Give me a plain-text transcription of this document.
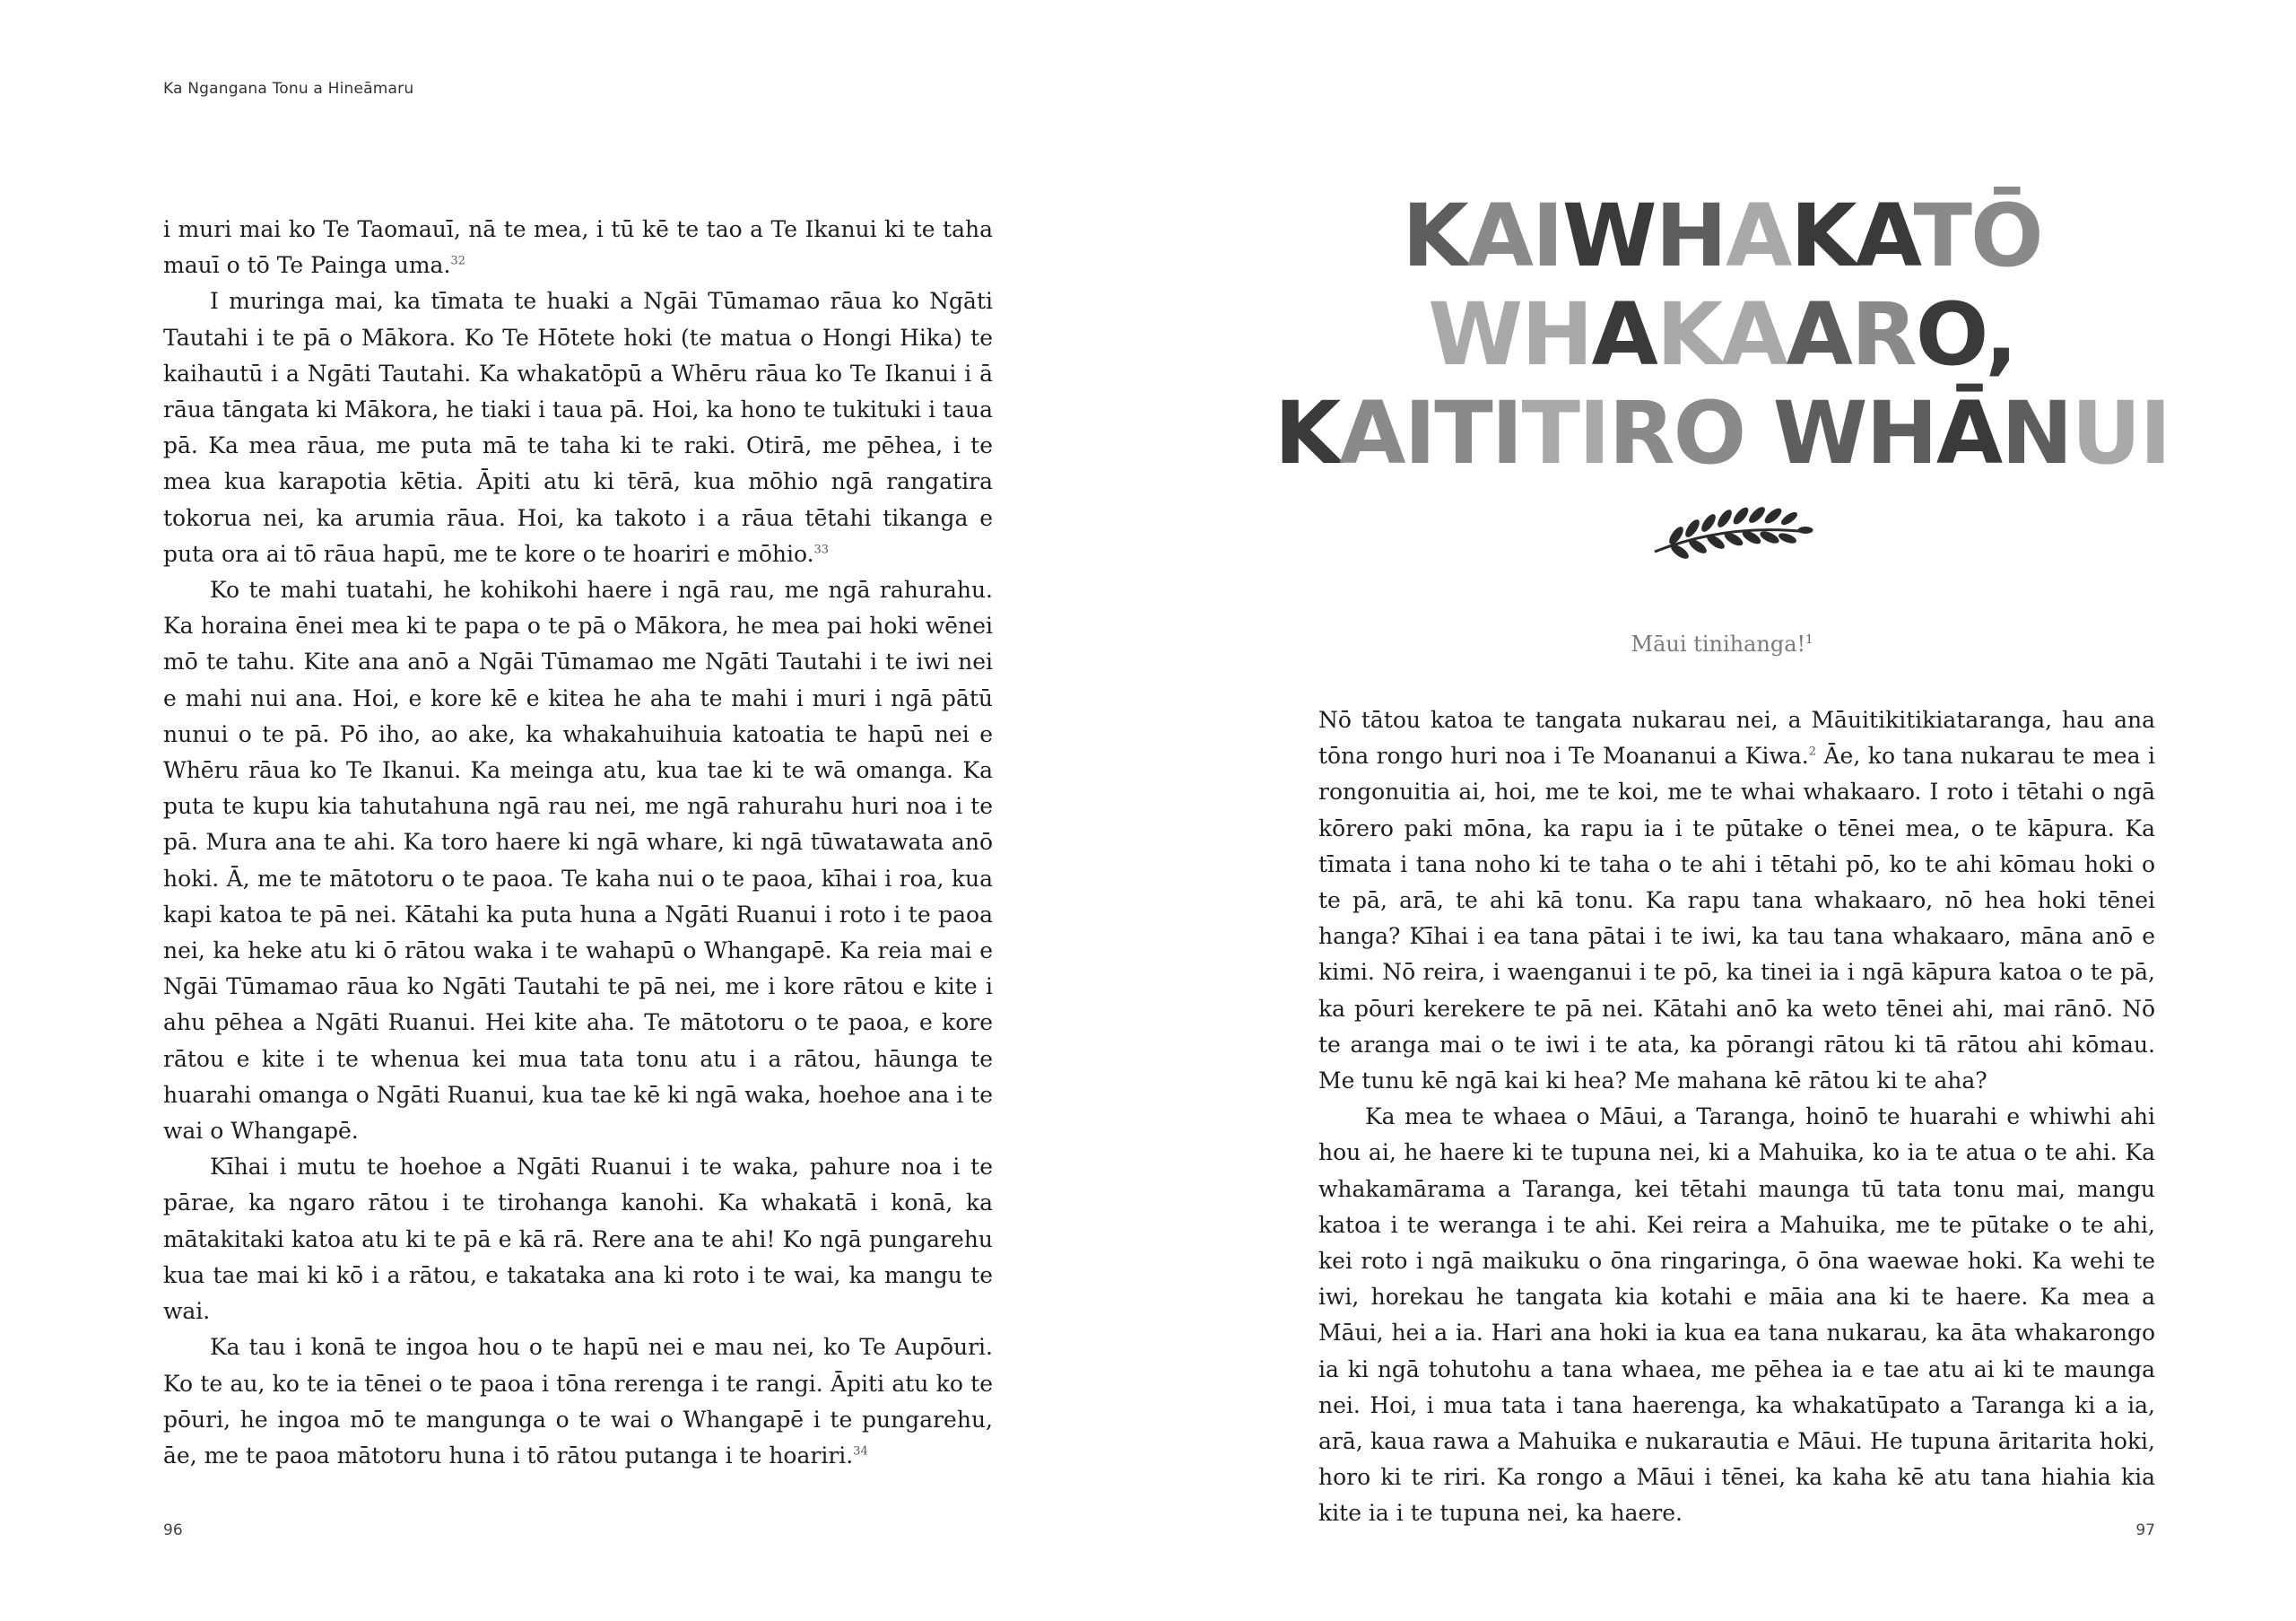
Ka Ngangana Tonu a Hineāmaru

i muri mai ko Te Taomauī, nā te mea, i tū kē te tao a Te Ikanui ki te taha mauī o tō Te Painga uma.$^{32}$

I muringa mai, ka tīmata te huaki a Ngāi Tūmamao rāua ko Ngāti Tautahi i te pā o Mākora. Ko Te Hōtete hoki (te matua o Hongi Hika) te kaihautū i a Ngāti Tautahi. Ka whakatōpū a Whēru rāua ko Te Ikanui i ā rāua tāngata ki Mākora, he tiaki i taua pā. Hoi, ka hono te tukituki i taua pā. Ka mea rāua, me puta mā te taha ki te raki. Otirā, me pēhea, i te mea kua karapotia kētia. Āpiti atu ki tērā, kua mōhio ngā rangatira tokorua nei, ka arumia rāua. Hoi, ka takoto i a rāua tētahi tikanga e puta ora ai tō rāua hapū, me te kore o te hoariri e mōhio.$^{33}$

Ko te mahi tuatahi, he kohikohi haere i ngā rau, me ngā rahurahu. Ka horaina ēnei mea ki te papa o te pā o Mākora, he mea pai hoki wēnei mō te tahu. Kite ana anō a Ngāi Tūmamao me Ngāti Tautahi i te iwi nei e mahi nui ana. Hoi, e kore kē e kitea he aha te mahi i muri i ngā pātū nunui o te pā. Pō iho, ao ake, ka whakahuihuia katoatia te hapū nei e Whēru rāua ko Te Ikanui. Ka meinga atu, kua tae ki te wā omanga. Ka puta te kupu kia tahutahuna ngā rau nei, me ngā rahurahu huri noa i te pā. Mura ana te ahi. Ka toro haere ki ngā whare, ki ngā tūwatawata anō hoki. Ā, me te mātotoru o te paoa. Te kaha nui o te paoa, kīhai i roa, kua kapi katoa te pā nei. Kātahi ka puta huna a Ngāti Ruanui i roto i te paoa nei, ka heke atu ki ō rātou waka i te wahapū o Whangapē. Ka reia mai e Ngāi Tūmamao rāua ko Ngāti Tautahi te pā nei, me i kore rātou e kite i ahu pēhea a Ngāti Ruanui. Hei kite aha. Te mātotoru o te paoa, e kore rātou e kite i te whenua kei mua tata tonu atu i a rātou, hāunga te huarahi omanga o Ngāti Ruanui, kua tae kē ki ngā waka, hoehoe ana i te wai o Whangapē.

Kīhai i mutu te hoehoe a Ngāti Ruanui i te waka, pahure noa i te pārae, ka ngaro rātou i te tirohanga kanohi. Ka whakatā i konā, ka mātakitaki katoa atu ki te pā e kā rā. Rere ana te ahi! Ko ngā pungarehu kua tae mai ki kō i a rātou, e takataka ana ki roto i te wai, ka mangu te wai.

Ka tau i konā te ingoa hou o te hapū nei e mau nei, ko Te Aupōuri. Ko te au, ko te ia tēnei o te paoa i tōna rerenga i te rangi. Āpiti atu ko te pōuri, he ingoa mō te mangunga o te wai o Whangapē i te pungarehu, āe, me te paoa mātotoru huna i tō rātou putanga i te hoariri.$^{34}$

96
KAIWHAKATŌ
WHAKAARO,
KAITITIRO WHĀNUI
Māui tinihanga!$^1$

Nō tātou katoa te tangata nukarau nei, a Māuitikitikiataranga, hau ana tōna rongo huri noa i Te Moananui a Kiwa.$^2$ Āe, ko tana nukarau te mea i rongonuitia ai, hoi, me te koi, me te whai whakaaro. I roto i tētahi o ngā kōrero paki mōna, ka rapu ia i te pūtake o tēnei mea, o te kāpura. Ka tīmata i tana noho ki te taha o te ahi i tētahi pō, ko te ahi kōmau hoki o te pā, arā, te ahi kā tonu. Ka rapu tana whakaaro, nō hea hoki tēnei hanga? Kīhai i ea tana pātai i te iwi, ka tau tana whakaaro, māna anō e kimi. Nō reira, i waenganui i te pō, ka tinei ia i ngā kāpura katoa o te pā, ka pōuri kerekere te pā nei. Kātahi anō ka weto tēnei ahi, mai rānō. Nō te aranga mai o te iwi i te ata, ka pōrangi rātou ki tā rātou ahi kōmau. Me tunu kē ngā kai ki hea? Me mahana kē rātou ki te aha?

Ka mea te whaea o Māui, a Taranga, hoinō te huarahi e whiwhi ahi hou ai, he haere ki te tupuna nei, ki a Mahuika, ko ia te atua o te ahi. Ka whakamārama a Taranga, kei tētahi maunga tū tata tonu mai, mangu katoa i te weranga i te ahi. Kei reira a Mahuika, me te pūtake o te ahi, kei roto i ngā maikuku o ōna ringaringa, ō ōna waewae hoki. Ka wehi te iwi, horekau he tangata kia kotahi e māia ana ki te haere. Ka mea a Māui, hei a ia. Hari ana hoki ia kua ea tana nukarau, ka āta whakarongo ia ki ngā tohutohu a tana whaea, me pēhea ia e tae atu ai ki te maunga nei. Hoi, i mua tata i tana haerenga, ka whakatūpato a Taranga ki a ia, arā, kaua rawa a Mahuika e nukarautia e Māui. He tupuna āritarita hoki, horo ki te riri. Ka rongo a Māui i tēnei, ka kaha kē atu tana hiahia kia kite ia i te tupuna nei, ka haere.

97
